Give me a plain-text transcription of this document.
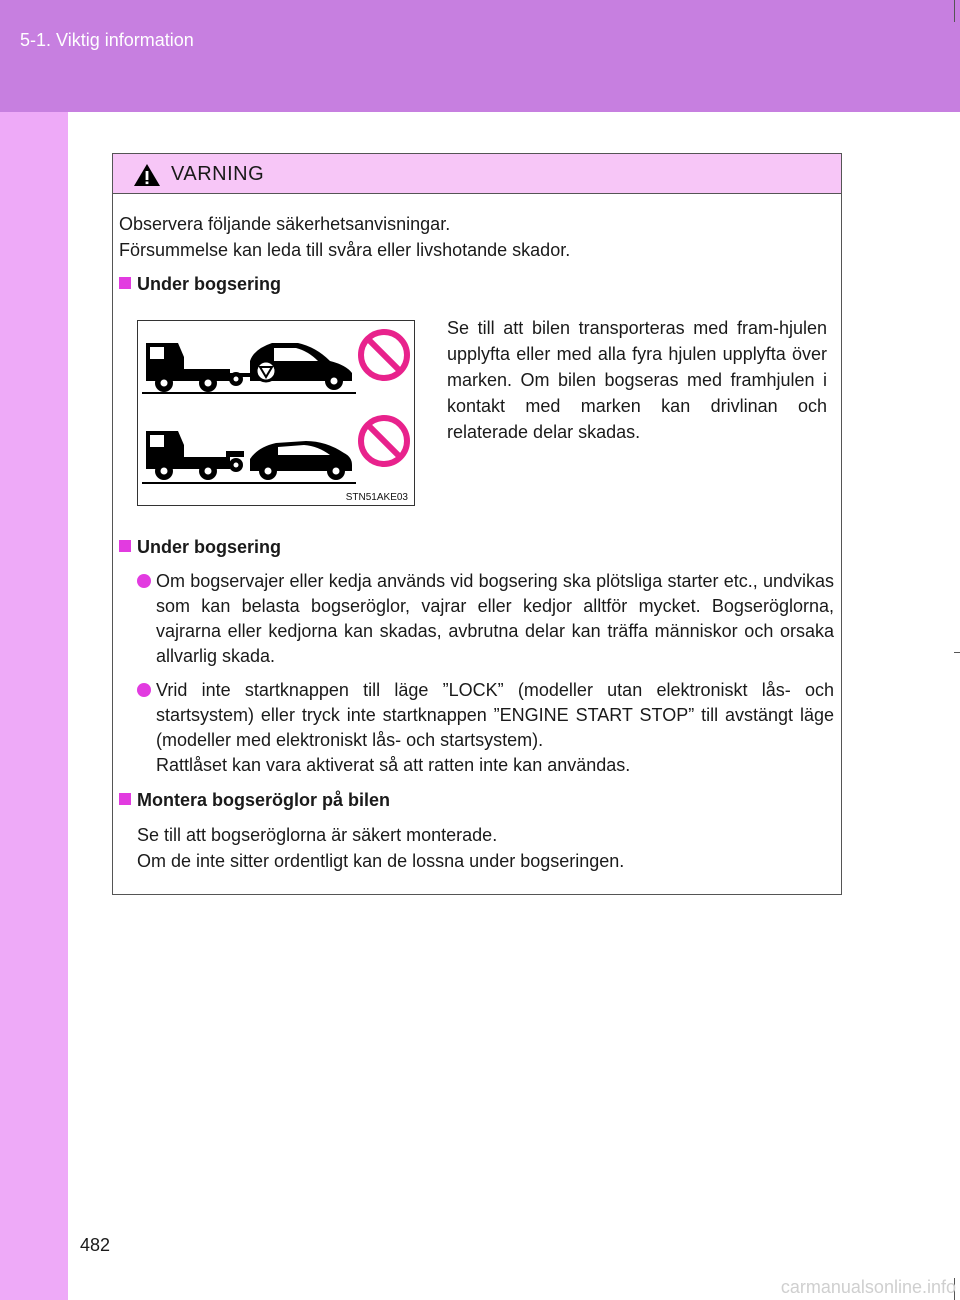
5-1. Viktig information
VARNING
Observera följande säkerhetsanvisningar.
Försummelse kan leda till svåra eller livshotande skador.
Under bogsering
STN51AKE03
Se till att bilen transporteras med fram-hjulen upplyfta eller med alla fyra hjulen upplyfta över marken. Om bilen bogseras med framhjulen i kontakt med marken kan drivlinan och relaterade delar skadas.
Under bogsering
Om bogservajer eller kedja används vid bogsering ska plötsliga starter etc., undvikas som kan belasta bogseröglor, vajrar eller kedjor alltför mycket. Bogseröglorna, vajrarna eller kedjorna kan skadas, avbrutna delar kan träffa människor och orsaka allvarlig skada.
Vrid inte startknappen till läge ”LOCK” (modeller utan elektroniskt lås- och startsystem) eller tryck inte startknappen ”ENGINE START STOP” till avstängt läge (modeller med elektroniskt lås- och startsystem).
Rattlåset kan vara aktiverat så att ratten inte kan användas.
Montera bogseröglor på bilen
Se till att bogseröglorna är säkert monterade.
Om de inte sitter ordentligt kan de lossna under bogseringen.
482
carmanualsonline.info
